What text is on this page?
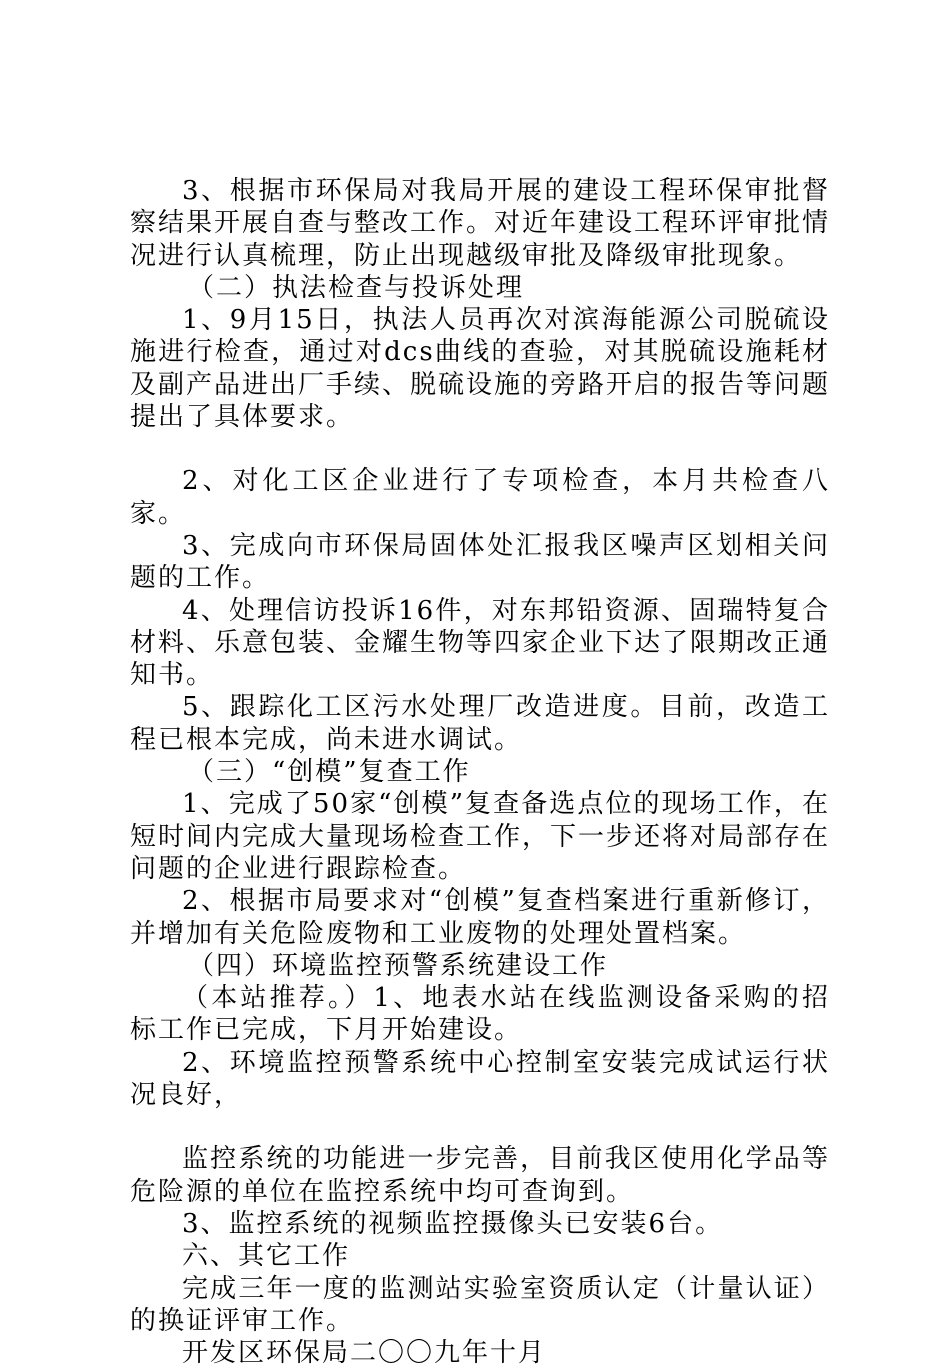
3、根据市环保局对我局开展的建设工程环保审批督察结果开展自查与整改工作。对近年建设工程环评审批情况进行认真梳理，防止出现越级审批及降级审批现象。

（二）执法检查与投诉处理

1、9月15日，执法人员再次对滨海能源公司脱硫设施进行检查，通过对dcs曲线的查验，对其脱硫设施耗材及副产品进出厂手续、脱硫设施的旁路开启的报告等问题提出了具体要求。

2、对化工区企业进行了专项检查，本月共检查八家。

3、完成向市环保局固体处汇报我区噪声区划相关问题的工作。

4、处理信访投诉16件，对东邦铅资源、固瑞特复合材料、乐意包装、金耀生物等四家企业下达了限期改正通知书。

5、跟踪化工区污水处理厂改造进度。目前，改造工程已根本完成，尚未进水调试。

（三）“创模”复查工作

1、完成了50家“创模”复查备选点位的现场工作，在短时间内完成大量现场检查工作，下一步还将对局部存在问题的企业进行跟踪检查。

2、根据市局要求对“创模”复查档案进行重新修订，并增加有关危险废物和工业废物的处理处置档案。

（四）环境监控预警系统建设工作

（本站推荐。）1、地表水站在线监测设备采购的招标工作已完成，下月开始建设。

2、环境监控预警系统中心控制室安装完成试运行状况良好，

监控系统的功能进一步完善，目前我区使用化学品等危险源的单位在监控系统中均可查询到。

3、监控系统的视频监控摄像头已安装6台。

六、其它工作

完成三年一度的监测站实验室资质认定（计量认证）的换证评审工作。

开发区环保局二〇〇九年十月
